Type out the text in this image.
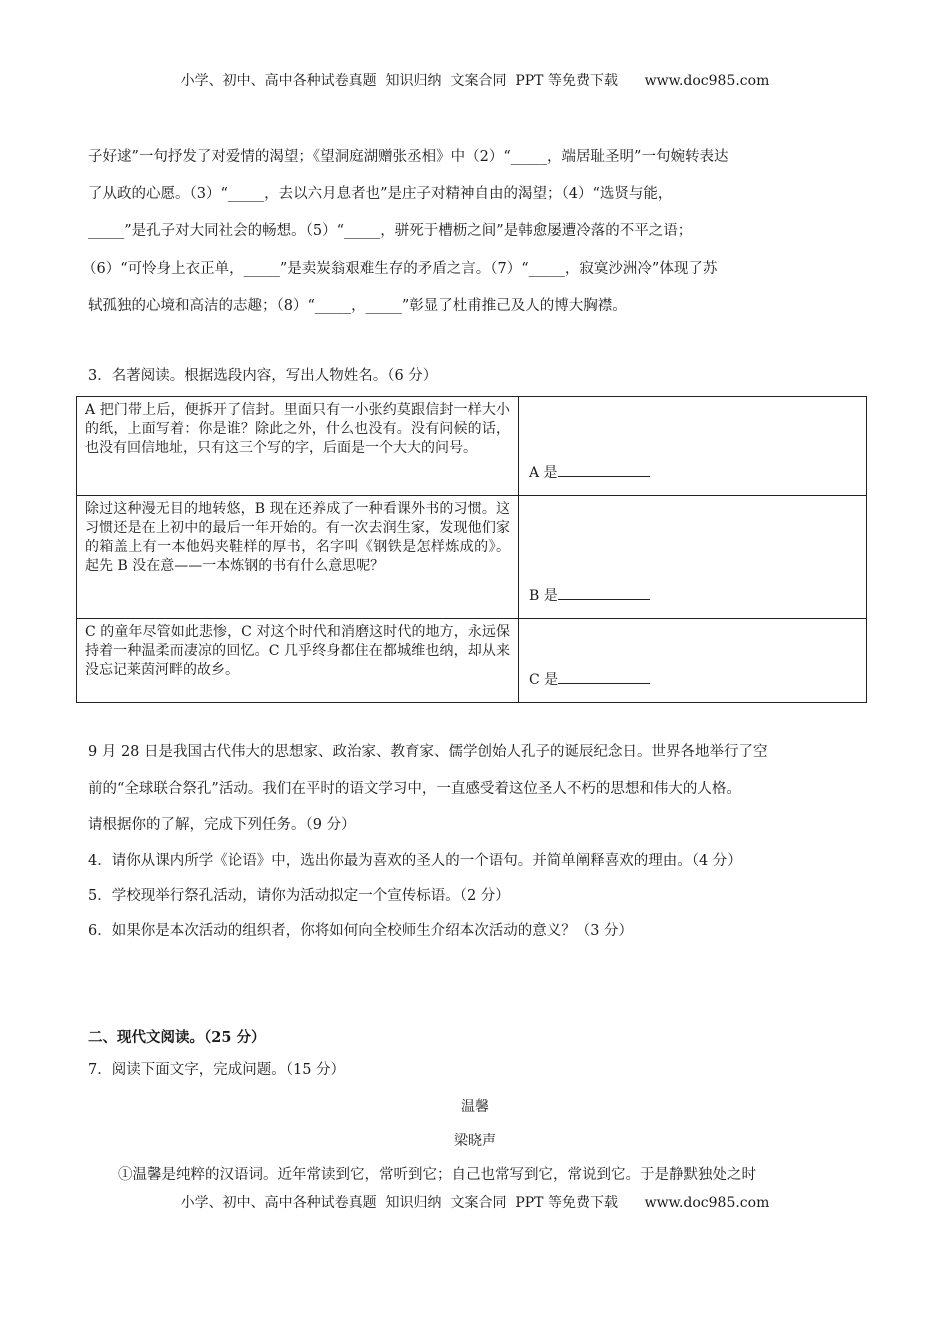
小学、初中、高中各种试卷真题  知识归纳  文案合同  PPT 等免费下载      www.doc985.com
子好逑”一句抒发了对爱情的渴望；《望洞庭湖赠张丞相》中（2）“_____，端居耻圣明”一句婉转表达
了从政的心愿。（3）“_____，去以六月息者也”是庄子对精神自由的渴望；（4）“选贤与能，
_____”是孔子对大同社会的畅想。（5）“_____，骈死于槽枥之间”是韩愈屡遭冷落的不平之语；
（6）“可怜身上衣正单，_____”是卖炭翁艰难生存的矛盾之言。（7）“_____，寂寞沙洲冷”体现了苏
轼孤独的心境和高洁的志趣；（8）“_____，_____”彰显了杜甫推己及人的博大胸襟。
3．名著阅读。根据选段内容，写出人物姓名。（6 分）
A 把门带上后，便拆开了信封。里面只有一小张约莫跟信封一样大小的纸，上面写着：你是谁？除此之外，什么也没有。没有问候的话，也没有回信地址，只有这三个写的字，后面是一个大大的问号。	A 是
除过这种漫无目的地转悠，B 现在还养成了一种看课外书的习惯。这习惯还是在上初中的最后一年开始的。有一次去润生家，发现他们家的箱盖上有一本他妈夹鞋样的厚书，名字叫《钢铁是怎样炼成的》。起先 B 没在意——一本炼钢的书有什么意思呢？	B 是
C 的童年尽管如此悲惨，C 对这个时代和消磨这时代的地方，永远保持着一种温柔而凄凉的回忆。C 几乎终身都住在都城维也纳，却从来没忘记莱茵河畔的故乡。	C 是
9 月 28 日是我国古代伟大的思想家、政治家、教育家、儒学创始人孔子的诞辰纪念日。世界各地举行了空
前的“全球联合祭孔”活动。我们在平时的语文学习中，一直感受着这位圣人不朽的思想和伟大的人格。
请根据你的了解，完成下列任务。（9 分）
4．请你从课内所学《论语》中，选出你最为喜欢的圣人的一个语句。并简单阐释喜欢的理由。（4 分）
5．学校现举行祭孔活动，请你为活动拟定一个宣传标语。（2 分）
6．如果你是本次活动的组织者，你将如何向全校师生介绍本次活动的意义？（3 分）
二、现代文阅读。（25 分）
7．阅读下面文字，完成问题。（15 分）
温馨
梁晓声
①温馨是纯粹的汉语词。近年常读到它，常听到它；自己也常写到它，常说到它。于是静默独处之时
小学、初中、高中各种试卷真题  知识归纳  文案合同  PPT 等免费下载      www.doc985.com
